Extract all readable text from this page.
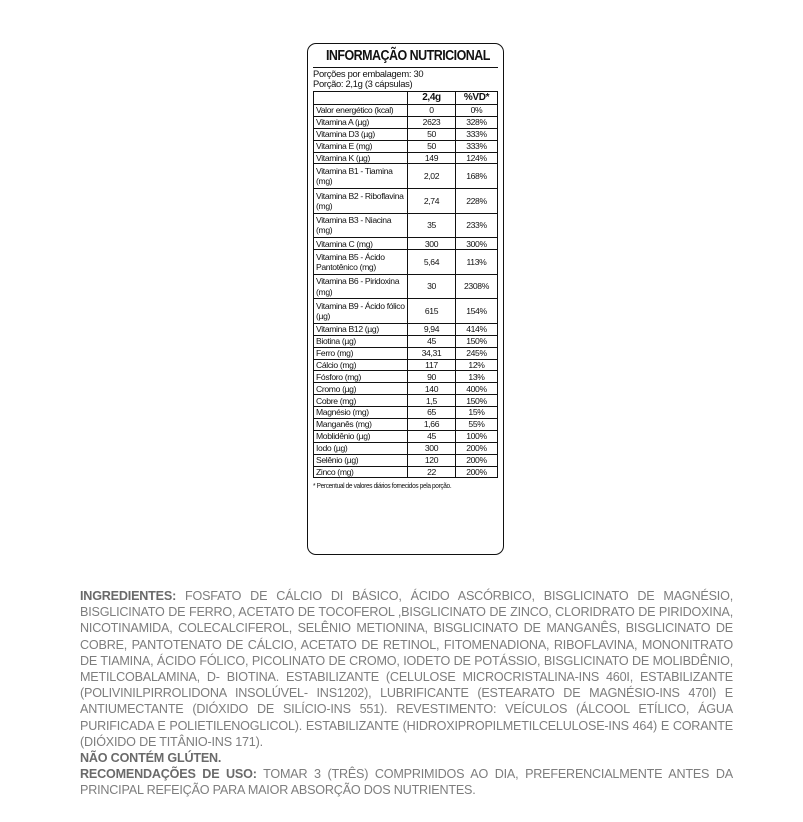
INFORMAÇÃO NUTRICIONAL
Porções por embalagem: 30
Porção: 2,1g (3 cápsulas)
	2,4g	%VD*
Valor energético (kcal)	0	0%
Vitamina A (µg)	2623	328%
Vitamina D3 (µg)	50	333%
Vitamina E (mg)	50	333%
Vitamina K (µg)	149	124%
Vitamina B1 - Tiamina (mg)	2,02	168%
Vitamina B2 - Riboflavina (mg)	2,74	228%
Vitamina B3 - Niacina (mg)	35	233%
Vitamina C (mg)	300	300%
Vitamina B5 - Ácido Pantotênico (mg)	5,64	113%
Vitamina B6 - Piridoxina (mg)	30	2308%
Vitamina B9 - Ácido fólico (µg)	615	154%
Vitamina B12 (µg)	9,94	414%
Biotina (µg)	45	150%
Ferro (mg)	34,31	245%
Cálcio (mg)	117	12%
Fósforo (mg)	90	13%
Cromo (µg)	140	400%
Cobre (mg)	1,5	150%
Magnésio (mg)	65	15%
Manganês (mg)	1,66	55%
Moblidênio (µg)	45	100%
Iodo (µg)	300	200%
Selênio (µg)	120	200%
Zinco (mg)	22	200%
* Percentual de valores diários fornecidos pela porção.

INGREDIENTES: FOSFATO DE CÁLCIO DI BÁSICO, ÁCIDO ASCÓRBICO, BISGLICINATO DE MAGNÉSIO, BISGLICINATO DE FERRO, ACETATO DE TOCOFEROL ,BISGLICINATO DE ZINCO, CLORIDRATO DE PIRIDOXINA, NICOTINAMIDA, COLECALCIFEROL, SELÊNIO METIONINA, BISGLICINATO DE MANGANÊS, BISGLICINATO DE COBRE, PANTOTENATO DE CÁLCIO, ACETATO DE RETINOL, FITOMENADIONA, RIBOFLAVINA, MONONITRATO DE TIAMINA, ÁCIDO FÓLICO, PICOLINATO DE CROMO, IODETO DE POTÁSSIO, BISGLICINATO DE MOLIBDÊNIO, METILCOBALAMINA, D- BIOTINA. ESTABILIZANTE (CELULOSE MICROCRISTALINA-INS 460I, ESTABILIZANTE (POLIVINILPIRROLIDONA INSOLÚVEL- INS1202), LUBRIFICANTE (ESTEARATO DE MAGNÉSIO-INS 470I) E ANTIUMECTANTE (DIÓXIDO DE SILÍCIO-INS 551). REVESTIMENTO: VEÍCULOS (ÁLCOOL ETÍLICO, ÁGUA PURIFICADA E POLIETILENOGLICOL). ESTABILIZANTE (HIDROXIPROPILMETILCELULOSE-INS 464) E CORANTE (DIÓXIDO DE TITÂNIO-INS 171).

NÃO CONTÉM GLÚTEN.

RECOMENDAÇÕES DE USO: TOMAR 3 (TRÊS) COMPRIMIDOS AO DIA, PREFERENCIALMENTE ANTES DA PRINCIPAL REFEIÇÃO PARA MAIOR ABSORÇÃO DOS NUTRIENTES.
